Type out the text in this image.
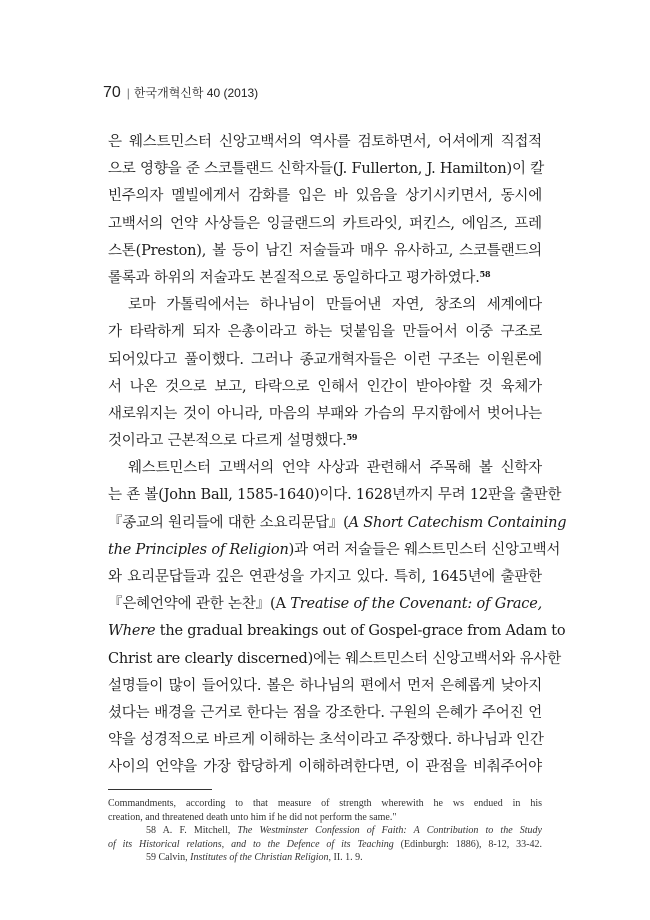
70 | 한국개혁신학 40 (2013)
은 웨스트민스터 신앙고백서의 역사를 검토하면서, 어셔에게 직접적
으로 영향을 준 스코틀랜드 신학자들(J. Fullerton, J. Hamilton)이 칼
빈주의자 멜빌에게서 감화를 입은 바 있음을 상기시키면서, 동시에
고백서의 언약 사상들은 잉글랜드의 카트라잇, 퍼킨스, 에임즈, 프레
스톤(Preston), 볼 등이 남긴 저술들과 매우 유사하고, 스코틀랜드의
롤록과 하위의 저술과도 본질적으로 동일하다고 평가하였다.$^{58}$
로마 가톨릭에서는 하나님이 만들어낸 자연, 창조의 세계에다
가 타락하게 되자 은총이라고 하는 덧붙임을 만들어서 이중 구조로
되어있다고 풀이했다. 그러나 종교개혁자들은 이런 구조는 이원론에
서 나온 것으로 보고, 타락으로 인해서 인간이 받아야할 것 육체가
새로워지는 것이 아니라, 마음의 부패와 가슴의 무지함에서 벗어나는
것이라고 근본적으로 다르게 설명했다.$^{59}$
웨스트민스터 고백서의 언약 사상과 관련해서 주목해 볼 신학자
는 죤 볼(John Ball, 1585-1640)이다. 1628년까지 무려 12판을 출판한
『종교의 원리들에 대한 소요리문답』(A Short Catechism Containing
the Principles of Religion)과 여러 저술들은 웨스트민스터 신앙고백서
와 요리문답들과 깊은 연관성을 가지고 있다. 특히, 1645년에 출판한
『은혜언약에 관한 논찬』(A Treatise of the Covenant: of Grace,
Where the gradual breakings out of Gospel-grace from Adam to
Christ are clearly discerned)에는 웨스트민스터 신앙고백서와 유사한
설명들이 많이 들어있다. 볼은 하나님의 편에서 먼저 은혜롭게 낮아지
셨다는 배경을 근거로 한다는 점을 강조한다. 구원의 은혜가 주어진 언
약을 성경적으로 바르게 이해하는 초석이라고 주장했다. 하나님과 인간
사이의 언약을 가장 합당하게 이해하려한다면, 이 관점을 비춰주어야
Commandments, according to that measure of strength wherewith he ws endued in his
creation, and threatened death unto him if he did not perform the same."
58 A. F. Mitchell, The Westminster Confession of Faith: A Contribution to the Study
of its Historical relations, and to the Defence of its Teaching (Edinburgh: 1886), 8-12, 33-42.
59 Calvin, Institutes of the Christian Religion, II. 1. 9.
